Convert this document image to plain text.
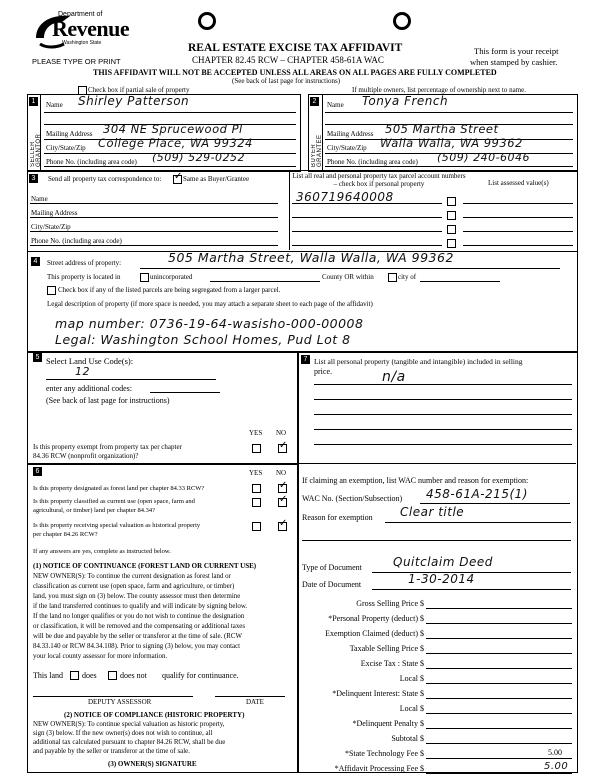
Department of
Revenue
Washington State
PLEASE TYPE OR PRINT
REAL ESTATE EXCISE TAX AFFIDAVIT
CHAPTER 82.45 RCW – CHAPTER 458-61A WAC
This form is your receipt
when stamped by cashier.
THIS AFFIDAVIT WILL NOT BE ACCEPTED UNLESS ALL AREAS ON ALL PAGES ARE FULLY COMPLETED
(See back of last page for instructions)
Check box if partial sale of property	If multiple owners, list percentage of ownership next to name.
1	2
SELLER GRANTOR	BUYER GRANTEE
Name Shirley Patterson
Mailing Address 304 NE Sprucewood Pl
City/State/Zip College Place, WA 99324
Phone No. (including area code) (509) 529-0252
Name Tonya French
Mailing Address 505 Martha Street
City/State/Zip Walla Walla, WA 99362
Phone No. (including area code) (509) 240-6046
3	Send all property tax correspondence to:
✓	Same as Buyer/Grantee
Name
Mailing Address
City/State/Zip
Phone No. (including area code)
List all real and personal property tax parcel account numbers – check box if personal property
360719640008
List assessed value(s)
4	Street address of property:	505 Martha Street, Walla Walla, WA 99362
This property is located in	unincorporated	County OR within	city of
Check box if any of the listed parcels are being segregated from a larger parcel.
Legal description of property (if more space is needed, you may attach a separate sheet to each page of the affidavit)
map number: 0736-19-64-wasisho-000-00008
Legal: Washington School Homes, Pud Lot 8
5 Select Land Use Code(s):
12
enter any additional codes:
(See back of last page for instructions)
YES NO
Is this property exempt from property tax per chapter
84.36 RCW (nonprofit organization)?
✓
6	YES NO
Is this property designated as forest land per chapter 84.33 RCW?
✓
Is this property classified as current use (open space, farm and
agricultural, or timber) land per chapter 84.34?
✓
Is this property receiving special valuation as historical property
per chapter 84.26 RCW?
✓
If any answers are yes, complete as instructed below.
(1) NOTICE OF CONTINUANCE (FOREST LAND OR CURRENT USE)
NEW OWNER(S): To continue the current designation as forest land or
classification as current use (open space, farm and agriculture, or timber)
land, you must sign on (3) below. The county assessor must then determine
if the land transferred continues to qualify and will indicate by signing below.
If the land no longer qualifies or you do not wish to continue the designation
or classification, it will be removed and the compensating or additional taxes
will be due and payable by the seller or transferor at the time of sale. (RCW
84.33.140 or RCW 84.34.108). Prior to signing (3) below, you may contact
your local county assessor for more information.
This land does	does not qualify for continuance.
DEPUTY ASSESSOR	DATE
(2) NOTICE OF COMPLIANCE (HISTORIC PROPERTY)
NEW OWNER(S): To continue special valuation as historic property,
sign (3) below. If the new owner(s) does not wish to continue, all
additional tax calculated pursuant to chapter 84.26 RCW, shall be due
and payable by the seller or transferor at the time of sale.
(3) OWNER(S) SIGNATURE
7 List all personal property (tangible and intangible) included in selling
price.	n/a
If claiming an exemption, list WAC number and reason for exemption:
WAC No. (Section/Subsection) 458-61A-215(1)
Reason for exemption Clear title
Type of Document	Quitclaim Deed
Date of Document	1-30-2014
Gross Selling Price $
*Personal Property (deduct) $
Exemption Claimed (deduct) $
Taxable Selling Price $
Excise Tax : State $
Local $
*Delinquent Interest: State $
Local $
*Delinquent Penalty $
Subtotal $
*State Technology Fee $	5.00
*Affidavit Processing Fee $	5.00
